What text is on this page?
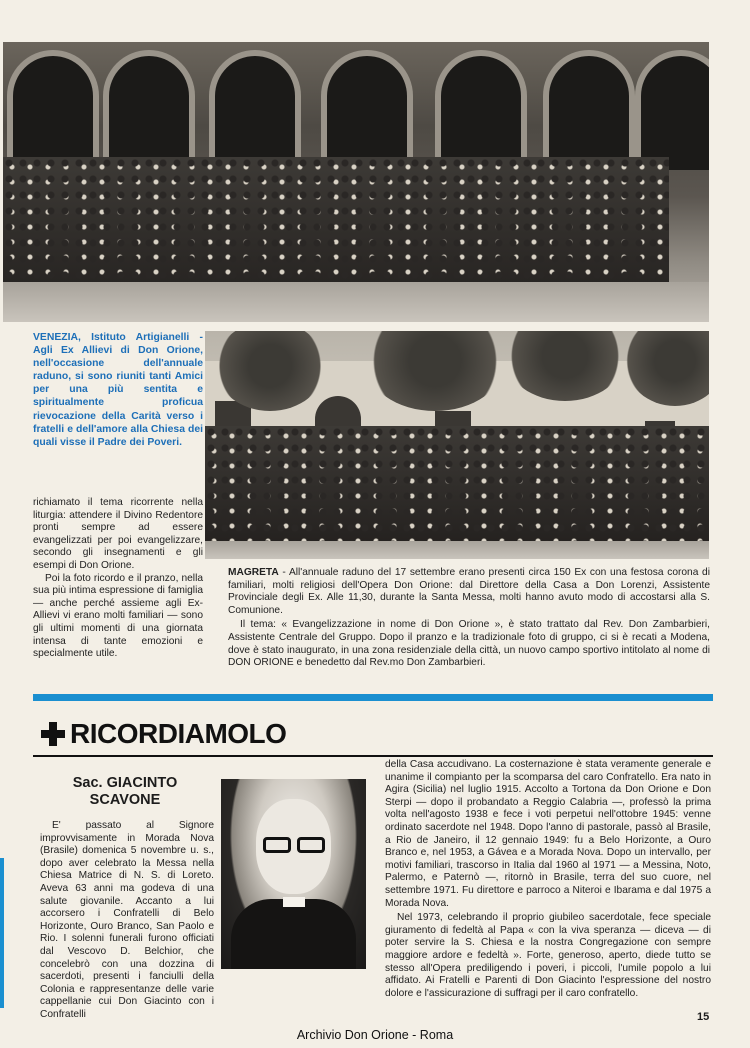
VENEZIA, Istituto Artigianelli - Agli Ex Allievi di Don Orione, nell'occasione dell'annuale raduno, si sono riuniti tanti Amici per una più sentita e spiritualmente proficua rievocazione della Carità verso i fratelli e dell'amore alla Chiesa dei quali visse il Padre dei Poveri.

richiamato il tema ricorrente nella liturgia: attendere il Divino Redentore pronti sempre ad essere evangelizzati per poi evangelizzare, secondo gli insegnamenti e gli esempi di Don Orione.

Poi la foto ricordo e il pranzo, nella sua più intima espressione di famiglia — anche perché assieme agli Ex-Allievi vi erano molti familiari — sono gli ultimi momenti di una giornata intensa di tante emozioni e specialmente utile.

MAGRETA - All'annuale raduno del 17 settembre erano presenti circa 150 Ex con una festosa corona di familiari, molti religiosi dell'Opera Don Orione: dal Direttore della Casa a Don Lorenzi, Assistente Provinciale degli Ex. Alle 11,30, durante la Santa Messa, molti hanno avuto modo di accostarsi alla S. Comunione.

Il tema: « Evangelizzazione in nome di Don Orione », è stato trattato dal Rev. Don Zambarbieri, Assistente Centrale del Gruppo. Dopo il pranzo e la tradizionale foto di gruppo, ci si è recati a Modena, dove è stato inaugurato, in una zona residenziale della città, un nuovo campo sportivo intitolato al nome di DON ORIONE e benedetto dal Rev.mo Don Zambarbieri.

RICORDIAMOLO
Sac. GIACINTO
SCAVONE

E' passato al Signore improvvisamente in Morada Nova (Brasile) domenica 5 novembre u. s., dopo aver celebrato la Messa nella Chiesa Matrice di N. S. di Loreto. Aveva 63 anni ma godeva di una salute giovanile. Accanto a lui accorsero i Confratelli di Belo Horizonte, Ouro Branco, San Paolo e Rio. I solenni funerali furono officiati dal Vescovo D. Belchior, che concelebrò con una dozzina di sacerdoti, presenti i fanciulli della Colonia e rappresentanze delle varie cappellanie cui Don Giacinto con i Confratelli

della Casa accudivano. La costernazione è stata veramente generale e unanime il compianto per la scomparsa del caro Confratello. Era nato in Agira (Sicilia) nel luglio 1915. Accolto a Tortona da Don Orione e Don Sterpi — dopo il probandato a Reggio Calabria —, professò la prima volta nell'agosto 1938 e fece i voti perpetui nell'ottobre 1945: venne ordinato sacerdote nel 1948. Dopo l'anno di pastorale, passò al Brasile, a Rio de Janeiro, il 12 gennaio 1949: fu a Belo Horizonte, a Ouro Branco e, nel 1953, a Gávea e a Morada Nova. Dopo un intervallo, per motivi familiari, trascorso in Italia dal 1960 al 1971 — a Messina, Noto, Palermo, e Paternò —, ritornò in Brasile, terra del suo cuore, nel settembre 1971. Fu direttore e parroco a Niteroi e Ibarama e dal 1975 a Morada Nova.

Nel 1973, celebrando il proprio giubileo sacerdotale, fece speciale giuramento di fedeltà al Papa « con la viva speranza — diceva — di poter servire la S. Chiesa e la nostra Congregazione con sempre maggiore ardore e fedeltà ». Forte, generoso, aperto, diede tutto se stesso all'Opera prediligendo i poveri, i piccoli, l'umile popolo a lui affidato. Ai Fratelli e Parenti di Don Giacinto l'espressione del nostro dolore e l'assicurazione di suffragi per il caro confratello.

15
Archivio Don Orione - Roma
